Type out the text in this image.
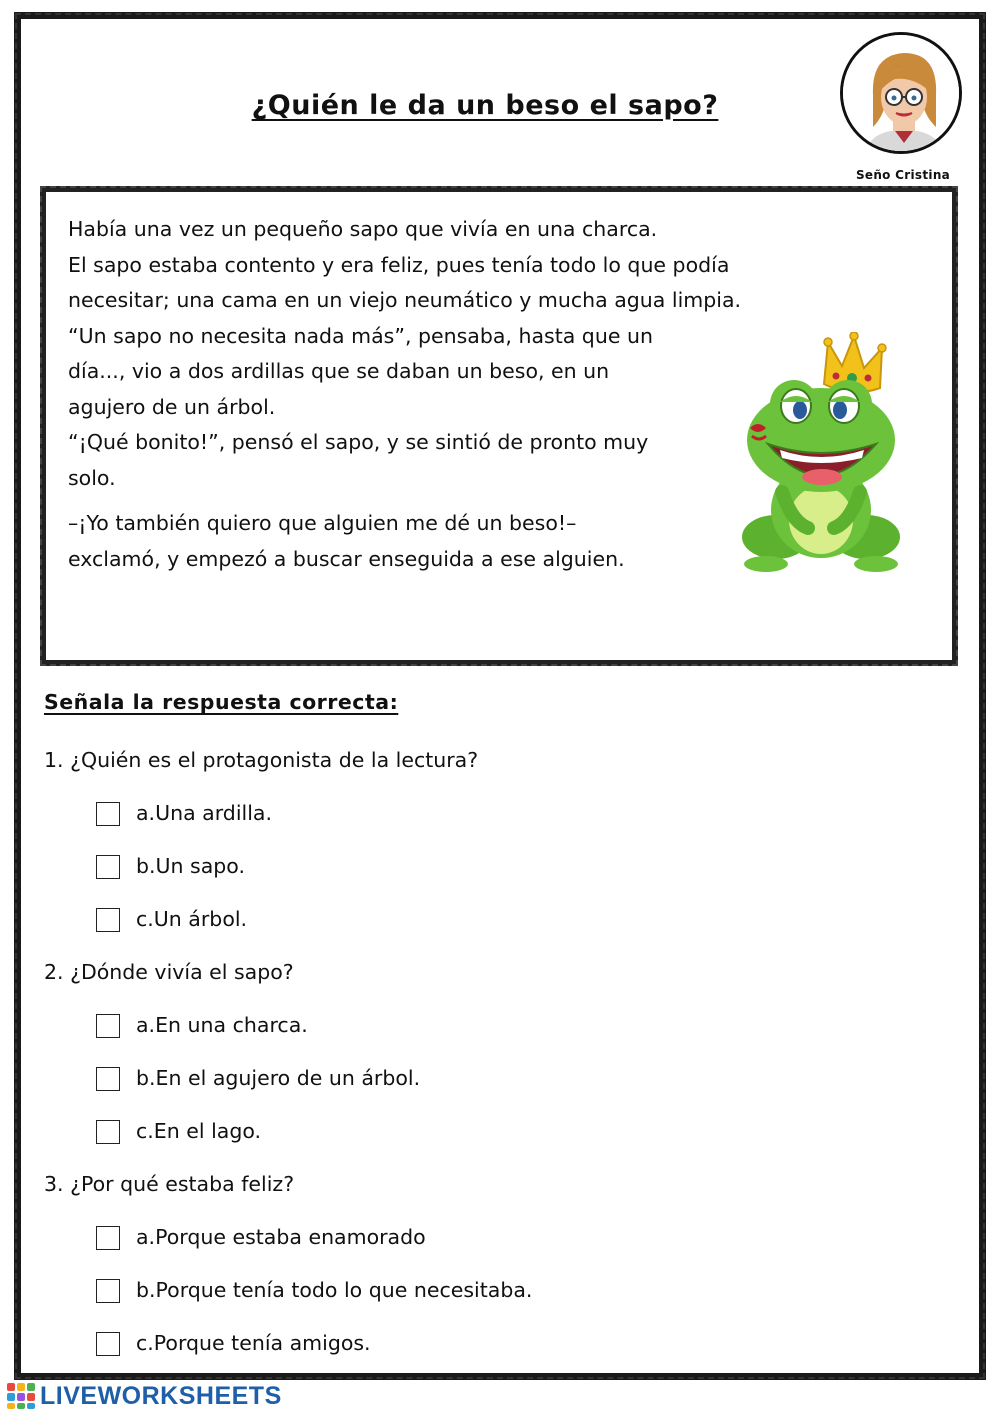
¿Quién le da un beso el sapo?
Seño Cristina
Había una vez un pequeño sapo que vivía en una charca.
El sapo estaba contento y era feliz, pues tenía todo lo que podía
necesitar; una cama en un viejo neumático y mucha agua limpia.
“Un sapo no necesita nada más”, pensaba, hasta que un
día..., vio a dos ardillas que se daban un beso, en un
agujero de un árbol.
“¡Qué bonito!”, pensó el sapo, y se sintió de pronto muy
solo.
–¡Yo también quiero que alguien me dé un beso!–
exclamó, y empezó a buscar enseguida a ese alguien.
Señala la respuesta correcta:
1. ¿Quién es el protagonista de la lectura?
a. Una ardilla.
b. Un sapo.
c. Un árbol.
2. ¿Dónde vivía el sapo?
a. En una charca.
b. En el agujero de un árbol.
c. En el lago.
3. ¿Por qué estaba feliz?
a. Porque estaba enamorado
b. Porque tenía todo lo que necesitaba.
c. Porque tenía amigos.
LIVEWORKSHEETS
